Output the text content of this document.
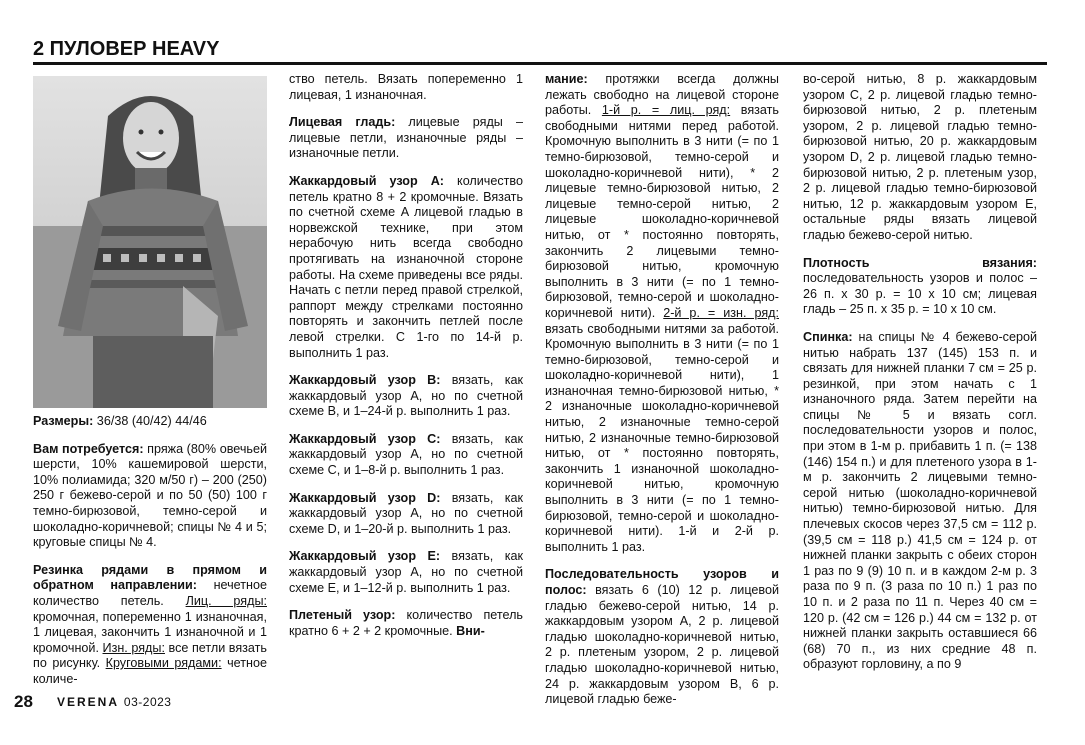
2 ПУЛОВЕР HEAVY

Размеры: 36/38 (40/42) 44/46

Вам потребуется: пряжа (80% овечьей шерсти, 10% кашемировой шерсти, 10% полиамида; 320 м/50 г) – 200 (250) 250 г бежево-серой и по 50 (50) 100 г темно-бирюзовой, темно-серой и шоколадно-коричневой; спицы № 4 и 5; круговые спицы № 4.

Резинка рядами в прямом и обратном направлении: нечетное количество петель. Лиц. ряды: кромочная, попеременно 1 изнаночная, 1 лицевая, закончить 1 изнаночной и 1 кромочной. Изн. ряды: все петли вязать по рисунку. Круговыми рядами: четное количе-

ство петель. Вязать попеременно 1 лицевая, 1 изнаночная.

Лицевая гладь: лицевые ряды – лицевые петли, изнаночные ряды – изнаночные петли.

Жаккардовый узор A: количество петель кратно 8 + 2 кромочные. Вязать по счетной схеме A лицевой гладью в норвежской технике, при этом нерабочую нить всегда свободно протягивать на изнаночной стороне работы. На схеме приведены все ряды. Начать с петли перед правой стрелкой, раппорт между стрелками постоянно повторять и закончить петлей после левой стрелки. С 1-го по 14-й р. выполнить 1 раз.

Жаккардовый узор B: вязать, как жаккардовый узор A, но по счетной схеме B, и 1–24-й р. выполнить 1 раз.

Жаккардовый узор C: вязать, как жаккардовый узор A, но по счетной схеме C, и 1–8-й р. выполнить 1 раз.

Жаккардовый узор D: вязать, как жаккардовый узор A, но по счетной схеме D, и 1–20-й р. выполнить 1 раз.

Жаккардовый узор E: вязать, как жаккардовый узор A, но по счетной схеме E, и 1–12-й р. выполнить 1 раз.

Плетеный узор: количество петель кратно 6 + 2 + 2 кромочные. Вни-

мание: протяжки всегда должны лежать свободно на лицевой стороне работы. 1-й р. = лиц. ряд: вязать свободными нитями перед работой. Кромочную выполнить в 3 нити (= по 1 темно-бирюзовой, темно-серой и шоколадно-коричневой нити), * 2 лицевые темно-бирюзовой нитью, 2 лицевые темно-серой нитью, 2 лицевые шоколадно-коричневой нитью, от * постоянно повторять, закончить 2 лицевыми темно-бирюзовой нитью, кромочную выполнить в 3 нити (= по 1 темно-бирюзовой, темно-серой и шоколадно-коричневой нити). 2-й р. = изн. ряд: вязать свободными нитями за работой. Кромочную выполнить в 3 нити (= по 1 темно-бирюзовой, темно-серой и шоколадно-коричневой нити), 1 изнаночная темно-бирюзовой нитью, * 2 изнаночные шоколадно-коричневой нитью, 2 изнаночные темно-серой нитью, 2 изнаночные темно-бирюзовой нитью, от * постоянно повторять, закончить 1 изнаночной шоколадно-коричневой нитью, кромочную выполнить в 3 нити (= по 1 темно-бирюзовой, темно-серой и шоколадно-коричневой нити). 1-й и 2-й р. выполнить 1 раз.

Последовательность узоров и полос: вязать 6 (10) 12 р. лицевой гладью бежево-серой нитью, 14 р. жаккардовым узором A, 2 р. лицевой гладью шоколадно-коричневой нитью, 2 р. плетеным узором, 2 р. лицевой гладью шоколадно-коричневой нитью, 24 р. жаккардовым узором B, 6 р. лицевой гладью беже-

во-серой нитью, 8 р. жаккардовым узором C, 2 р. лицевой гладью темно-бирюзовой нитью, 2 р. плетеным узором, 2 р. лицевой гладью темно-бирюзовой нитью, 20 р. жаккардовым узором D, 2 р. лицевой гладью темно-бирюзовой нитью, 2 р. плетеным узор, 2 р. лицевой гладью темно-бирюзовой нитью, 12 р. жаккардовым узором E, остальные ряды вязать лицевой гладью бежево-серой нитью.

Плотность вязания: последовательность узоров и полос – 26 п. х 30 р. = 10 х 10 см; лицевая гладь – 25 п. х 35 р. = 10 х 10 см.

Спинка: на спицы № 4 бежево-серой нитью набрать 137 (145) 153 п. и связать для нижней планки 7 см = 25 р. резинкой, при этом начать с 1 изнаночного ряда. Затем перейти на спицы № 5 и вязать согл. последовательности узоров и полос, при этом в 1-м р. прибавить 1 п. (= 138 (146) 154 п.) и для плетеного узора в 1-м р. закончить 2 лицевыми темно-серой нитью (шоколадно-коричневой нитью) темно-бирюзовой нитью. Для плечевых скосов через 37,5 см = 112 р. (39,5 см = 118 р.) 41,5 см = 124 р. от нижней планки закрыть с обеих сторон 1 раз по 9 (9) 10 п. и в каждом 2-м р. 3 раза по 9 п. (3 раза по 10 п.) 1 раз по 10 п. и 2 раза по 11 п. Через 40 см = 120 р. (42 см = 126 р.) 44 см = 132 р. от нижней планки закрыть оставшиеся 66 (68) 70 п., из них средние 48 п. образуют горловину, а по 9

28 VERENA 03-2023
